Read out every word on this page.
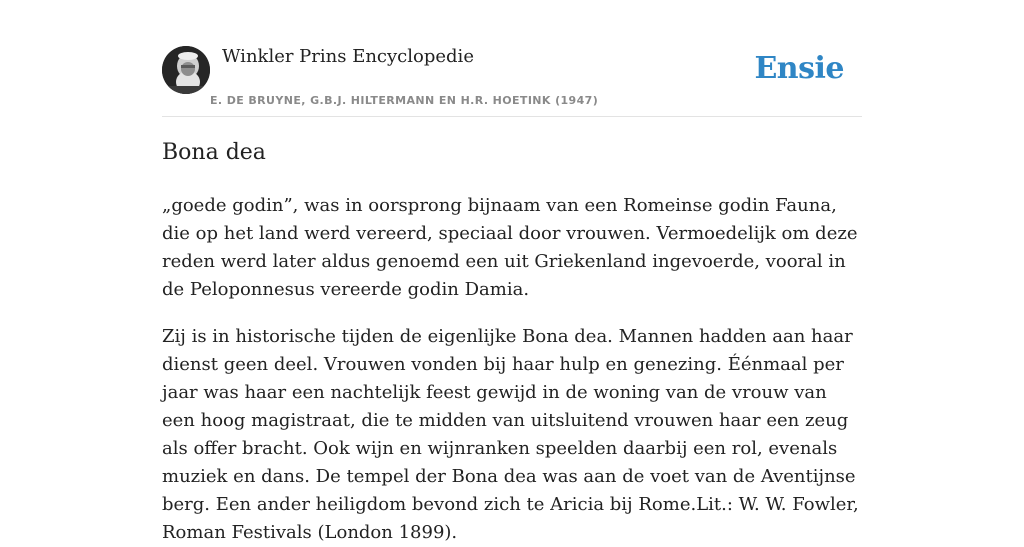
Winkler Prins Encyclopedie
E. DE BRUYNE, G.B.J. HILTERMANN EN H.R. HOETINK (1947)
Ensie
Bona dea

„goede godin”, was in oorsprong bijnaam van een Romeinse godin Fauna, die op het land werd vereerd, speciaal door vrouwen. Vermoedelijk om deze reden werd later aldus genoemd een uit Griekenland ingevoerde, vooral in de Peloponnesus vereerde godin Damia.

Zij is in historische tijden de eigenlijke Bona dea. Mannen hadden aan haar dienst geen deel. Vrouwen vonden bij haar hulp en genezing. Éénmaal per jaar was haar een nachtelijk feest gewijd in de woning van de vrouw van een hoog magistraat, die te midden van uitsluitend vrouwen haar een zeug als offer bracht. Ook wijn en wijnranken speelden daarbij een rol, evenals muziek en dans. De tempel der Bona dea was aan de voet van de Aventijnse berg. Een ander heiligdom bevond zich te Aricia bij Rome.Lit.: W. W. Fowler, Roman Festivals (London 1899).
